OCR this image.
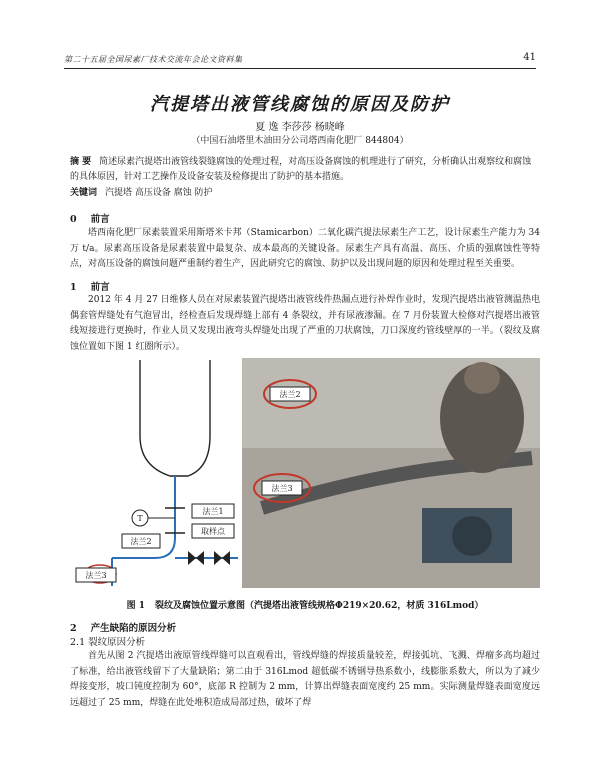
第二十五届全国尿素厂技术交流年会论文资料集	41
汽提塔出液管线腐蚀的原因及防护
夏 逸 李莎莎 杨晓峰
（中国石油塔里木油田分公司塔西南化肥厂 844804）
摘 要 简述尿素汽提塔出液管线裂缝腐蚀的处理过程，对高压设备腐蚀的机理进行了研究，分析确认出观察纹和腐蚀的具体原因，针对工艺操作及设备安装及检修提出了防护的基本措施。
关键词 汽提塔 高压设备 腐蚀 防护
0 前言
塔西南化肥厂尿素装置采用斯塔米卡邦（Stamicarbon）二氧化碳汽提法尿素生产工艺，设计尿素生产能力为 34 万 t/a。尿素高压设备是尿素装置中最复杂、成本最高的关键设备。尿素生产具有高温、高压、介质的强腐蚀性等特点，对高压设备的腐蚀问题严重制约着生产，因此研究它的腐蚀、防护以及出现问题的原因和处理过程至关重要。
1 前言
2012 年 4 月 27 日维修人员在对尿素装置汽提塔出液管线件热漏点进行补焊作业时，发现汽提塔出液管测温热电偶套管焊缝处有气泡冒出，经检查后发现焊缝上部有 4 条裂纹，并有尿液渗漏。在 7 月份装置大检修对汽提塔出液管线短接进行更换时，作业人员又发现出液弯头焊缝处出现了严重的刀状腐蚀，刀口深度约管线壁厚的一半。（裂纹及腐蚀位置如下图 1 红圈所示）。
T
法兰1
取样点
法兰3
法兰2
法兰2
法兰3
图 1 裂纹及腐蚀位置示意图（汽提塔出液管线规格Φ219×20.62，材质 316Lmod）
2 产生缺陷的原因分析
2.1 裂纹原因分析
首先从图 2 汽提塔出液原管线焊缝可以直观看出，管线焊缝的焊接质量较差，焊接弧坑、飞溅、焊瘤多高均超过了标准，给出液管线留下了大量缺陷；第二由于 316Lmod 超低碳不锈钢导热系数小，线膨胀系数大，所以为了减少焊接变形，坡口钝度控制为 60°，底部 R 控制为 2 mm，计算出焊缝表面宽度约 25 mm。实际测量焊缝表面宽度远远超过了 25 mm，焊缝在此处堆积造成局部过热，破坏了焊
